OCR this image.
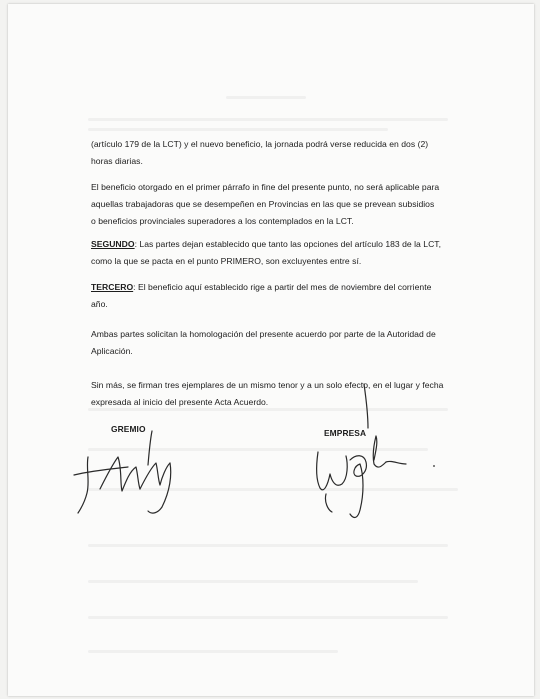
(artículo 179 de la LCT) y el nuevo beneficio, la jornada podrá verse reducida en dos (2)
horas diarias.
El beneficio otorgado en el primer párrafo in fine del presente punto, no será aplicable para
aquellas trabajadoras que se desempeñen en Provincias en las que se prevean subsidios
o beneficios provinciales superadores a los contemplados en la LCT.
SEGUNDO: Las partes dejan establecido que tanto las opciones del artículo 183 de la LCT,
como la que se pacta en el punto PRIMERO, son excluyentes entre sí.
TERCERO: El beneficio aquí establecido rige a partir del mes de noviembre del corriente
año.
Ambas partes solicitan la homologación del presente acuerdo por parte de la Autoridad de
Aplicación.
Sin más, se firman tres ejemplares de un mismo tenor y a un solo efecto, en el lugar y fecha
expresada al inicio del presente Acta Acuerdo.
GREMIO	EMPRESA
